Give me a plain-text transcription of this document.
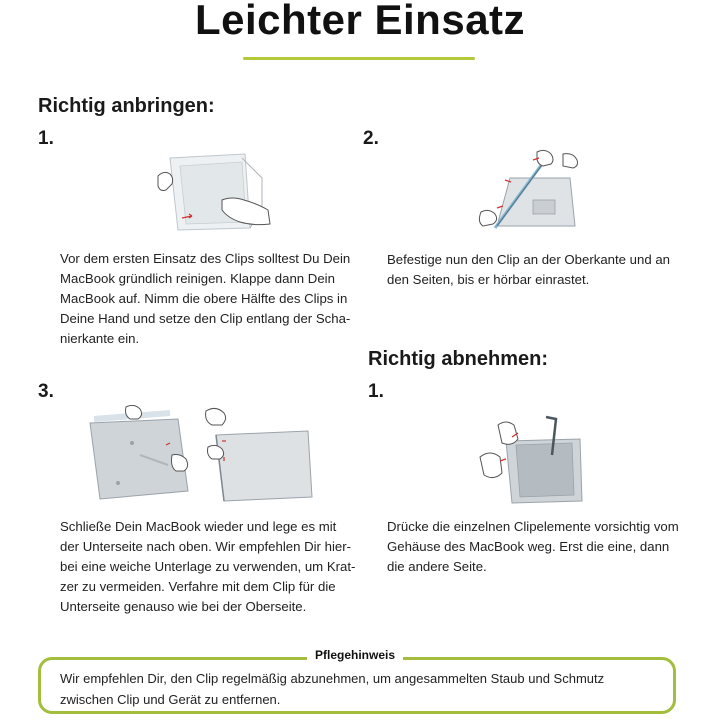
Leichter Einsatz
Richtig anbringen:
1.

Vor dem ersten Einsatz des Clips solltest Du Dein

MacBook gründlich reinigen. Klappe dann Dein

MacBook auf. Nimm die obere Hälfte des Clips in

Deine Hand und setze den Clip entlang der Scha-

nierkante ein.

2.

Befestige nun den Clip an der Oberkante und an

den Seiten, bis er hörbar einrastet.

3.

Schließe Dein MacBook wieder und lege es mit

der Unterseite nach oben. Wir empfehlen Dir hier-

bei eine weiche Unterlage zu verwenden, um Krat-

zer zu vermeiden. Verfahre mit dem Clip für die

Unterseite genauso wie bei der Oberseite.

Richtig abnehmen:
1.

Drücke die einzelnen Clipelemente vorsichtig vom

Gehäuse des MacBook weg. Erst die eine, dann

die andere Seite.

Pflegehinweis

Wir empfehlen Dir, den Clip regelmäßig abzunehmen, um angesammelten Staub und Schmutz

zwischen Clip und Gerät zu entfernen.
